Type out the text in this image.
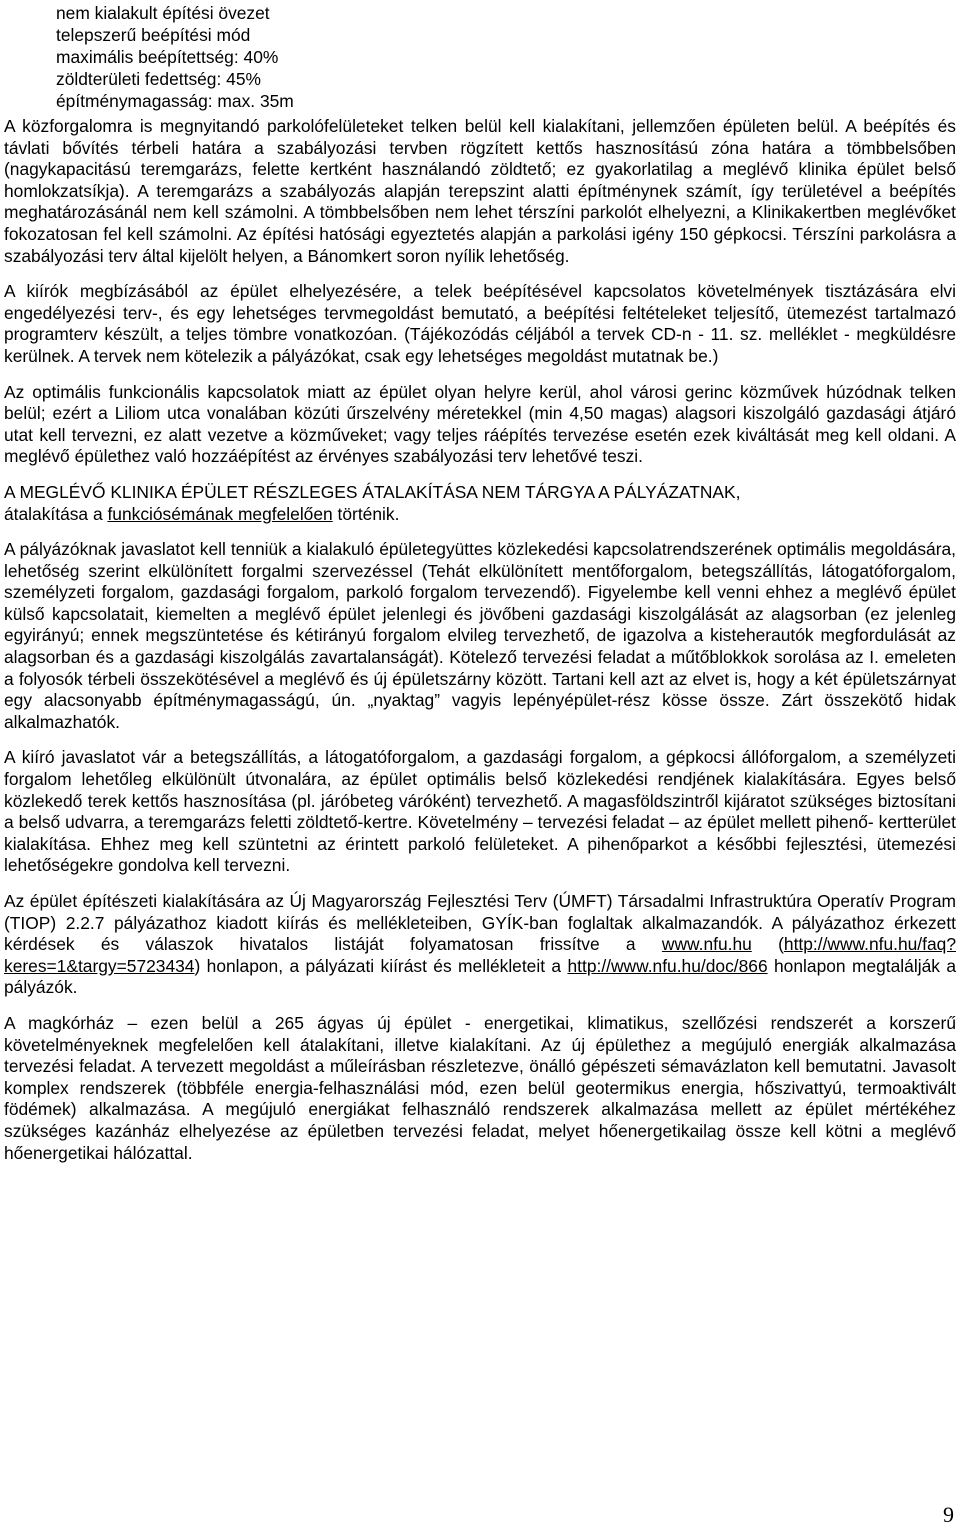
nem kialakult építési övezet
telepszerű beépítési mód
maximális beépítettség: 40%
zöldterületi fedettség: 45%
építménymagasság: max. 35m

A közforgalomra is megnyitandó parkolófelületeket telken belül kell kialakítani, jellemzően épületen belül. A beépítés és távlati bővítés térbeli határa a szabályozási tervben rögzített kettős hasznosítású zóna határa a tömbbelsőben (nagykapacitású teremgarázs, felette kertként használandó zöldtető; ez gyakorlatilag a meglévő klinika épület belső homlokzatsíkja). A teremgarázs a szabályozás alapján terepszint alatti építménynek számít, így területével a beépítés meghatározásánál nem kell számolni. A tömbbelsőben nem lehet térszíni parkolót elhelyezni, a Klinikakertben meglévőket fokozatosan fel kell számolni. Az építési hatósági egyeztetés alapján a parkolási igény 150 gépkocsi. Térszíni parkolásra a szabályozási terv által kijelölt helyen, a Bánomkert soron nyílik lehetőség.

A kiírók megbízásából az épület elhelyezésére, a telek beépítésével kapcsolatos követelmények tisztázására elvi engedélyezési terv-, és egy lehetséges tervmegoldást bemutató, a beépítési feltételeket teljesítő, ütemezést tartalmazó programterv készült, a teljes tömbre vonatkozóan. (Tájékozódás céljából a tervek CD-n - 11. sz. melléklet - megküldésre kerülnek. A tervek nem kötelezik a pályázókat, csak egy lehetséges megoldást mutatnak be.)

Az optimális funkcionális kapcsolatok miatt az épület olyan helyre kerül, ahol városi gerinc közművek húzódnak telken belül; ezért a Liliom utca vonalában közúti űrszelvény méretekkel (min 4,50 magas) alagsori kiszolgáló gazdasági átjáró utat kell tervezni, ez alatt vezetve a közműveket; vagy teljes ráépítés tervezése esetén ezek kiváltását meg kell oldani. A meglévő épülethez való hozzáépítést az érvényes szabályozási terv lehetővé teszi.

A MEGLÉVŐ KLINIKA ÉPÜLET RÉSZLEGES ÁTALAKÍTÁSA NEM TÁRGYA A PÁLYÁZATNAK,

átalakítása a funkciósémának megfelelően történik.

A pályázóknak javaslatot kell tenniük a kialakuló épületegyüttes közlekedési kapcsolatrendszerének optimális megoldására, lehetőség szerint elkülönített forgalmi szervezéssel (Tehát elkülönített mentőforgalom, betegszállítás, látogatóforgalom, személyzeti forgalom, gazdasági forgalom, parkoló forgalom tervezendő). Figyelembe kell venni ehhez a meglévő épület külső kapcsolatait, kiemelten a meglévő épület jelenlegi és jövőbeni gazdasági kiszolgálását az alagsorban (ez jelenleg egyirányú; ennek megszüntetése és kétirányú forgalom elvileg tervezhető, de igazolva a kisteherautók megfordulását az alagsorban és a gazdasági kiszolgálás zavartalanságát). Kötelező tervezési feladat a műtőblokkok sorolása az I. emeleten a folyosók térbeli összekötésével a meglévő és új épületszárny között. Tartani kell azt az elvet is, hogy a két épületszárnyat egy alacsonyabb építménymagasságú, ún. „nyaktag” vagyis lepényépület-rész kösse össze. Zárt összekötő hidak alkalmazhatók.

A kiíró javaslatot vár a betegszállítás, a látogatóforgalom, a gazdasági forgalom, a gépkocsi állóforgalom, a személyzeti forgalom lehetőleg elkülönült útvonalára, az épület optimális belső közlekedési rendjének kialakítására. Egyes belső közlekedő terek kettős hasznosítása (pl. járóbeteg váróként) tervezhető. A magasföldszintről kijáratot szükséges biztosítani a belső udvarra, a teremgarázs feletti zöldtető-kertre. Követelmény – tervezési feladat – az épület mellett pihenő- kertterület kialakítása. Ehhez meg kell szüntetni az érintett parkoló felületeket. A pihenőparkot a későbbi fejlesztési, ütemezési lehetőségekre gondolva kell tervezni.

Az épület építészeti kialakítására az Új Magyarország Fejlesztési Terv (ÚMFT) Társadalmi Infrastruktúra Operatív Program (TIOP) 2.2.7 pályázathoz kiadott kiírás és mellékleteiben, GYÍK-ban foglaltak alkalmazandók. A pályázathoz érkezett kérdések és válaszok hivatalos listáját folyamatosan frissítve a www.nfu.hu (http://www.nfu.hu/faq?keres=1&targy=5723434) honlapon, a pályázati kiírást és mellékleteit a http://www.nfu.hu/doc/866 honlapon megtalálják a pályázók.

A magkórház – ezen belül a 265 ágyas új épület - energetikai, klimatikus, szellőzési rendszerét a korszerű követelményeknek megfelelően kell átalakítani, illetve kialakítani. Az új épülethez a megújuló energiák alkalmazása tervezési feladat. A tervezett megoldást a műleírásban részletezve, önálló gépészeti sémavázlaton kell bemutatni. Javasolt komplex rendszerek (többféle energia-felhasználási mód, ezen belül geotermikus energia, hőszivattyú, termoaktivált födémek) alkalmazása. A megújuló energiákat felhasználó rendszerek alkalmazása mellett az épület mértékéhez szükséges kazánház elhelyezése az épületben tervezési feladat, melyet hőenergetikailag össze kell kötni a meglévő hőenergetikai hálózattal.

9
